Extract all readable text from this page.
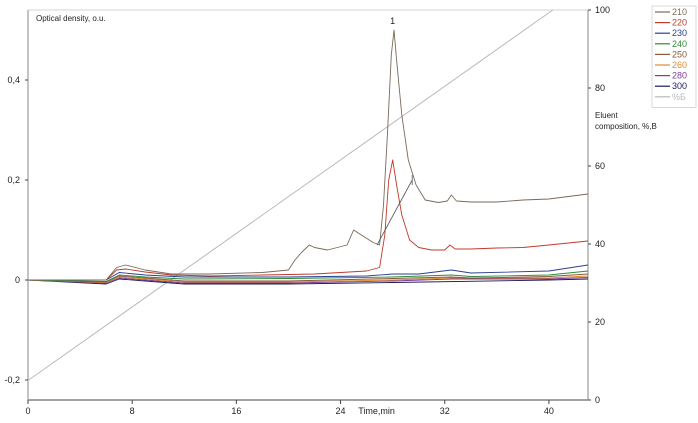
0	8	16	24	32	40
Time,min
-0,2
0
0,2
0,4
Optical density, o.u.
0
20
40
60
80
100
Eluent
composition, %,B
1
210
220
230
240
250
260
280
300
%Б
